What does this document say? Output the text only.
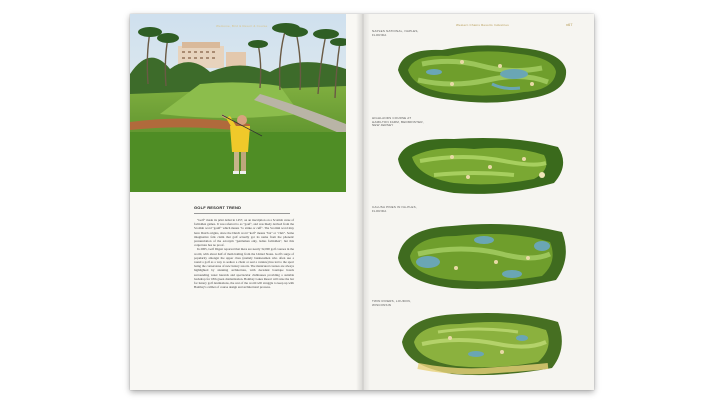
Welcome, Bird & Resort & Course
GOLF RESORT TREND

"Golf" made its print debut in 1457, on an inscription on a Scottish curse of forbidden games. It was referred to as "gouf", and was likely derived from the Scottish word "goulf" which means "to strike or cuff". The Scottish word may have Dutch origins, since the Dutch word "kolf" means "bat" or "club". Some imaginative folk claim that golf actually got its name from the phonetic pronunciation of the acronym "gentlemen only, ladies forbidden", but this conjecture has no proof.

In 2005, Golf Digest reported that there are nearly 32,000 golf courses in the world, with about half of them hailing from the United States. Golf's surge of popularity amongst the upper class (namely businessmen who often use a round a golf as a way to seduce a client or seal a venture) has led to the sport being the cornerstone of new luxury resorts. The manicured courses are always highlighted by stunning architecture, with decadent boutique hotels surrounding water hazards and spectacular clubhouses providing a suitable backdrop for 18th green dramatization. Bombay Lakes Resort will raise the bar for luxury golf destinations, the rest of the world will struggle to keep up with Bombay's caliber of course design and architectural prowess.

Western Chains Resorts Industries	x67
NAPLES NATIONAL, NAPLES, FLORIDA
HIGHLANDS COURSE AT HAMILTON FARM, BEDMINSTER, NEW JERSEY
CALUSA PINES IN NA-PLES, FLORIDA
TWIN RIVERS, LOUDON, WISCONSIN
